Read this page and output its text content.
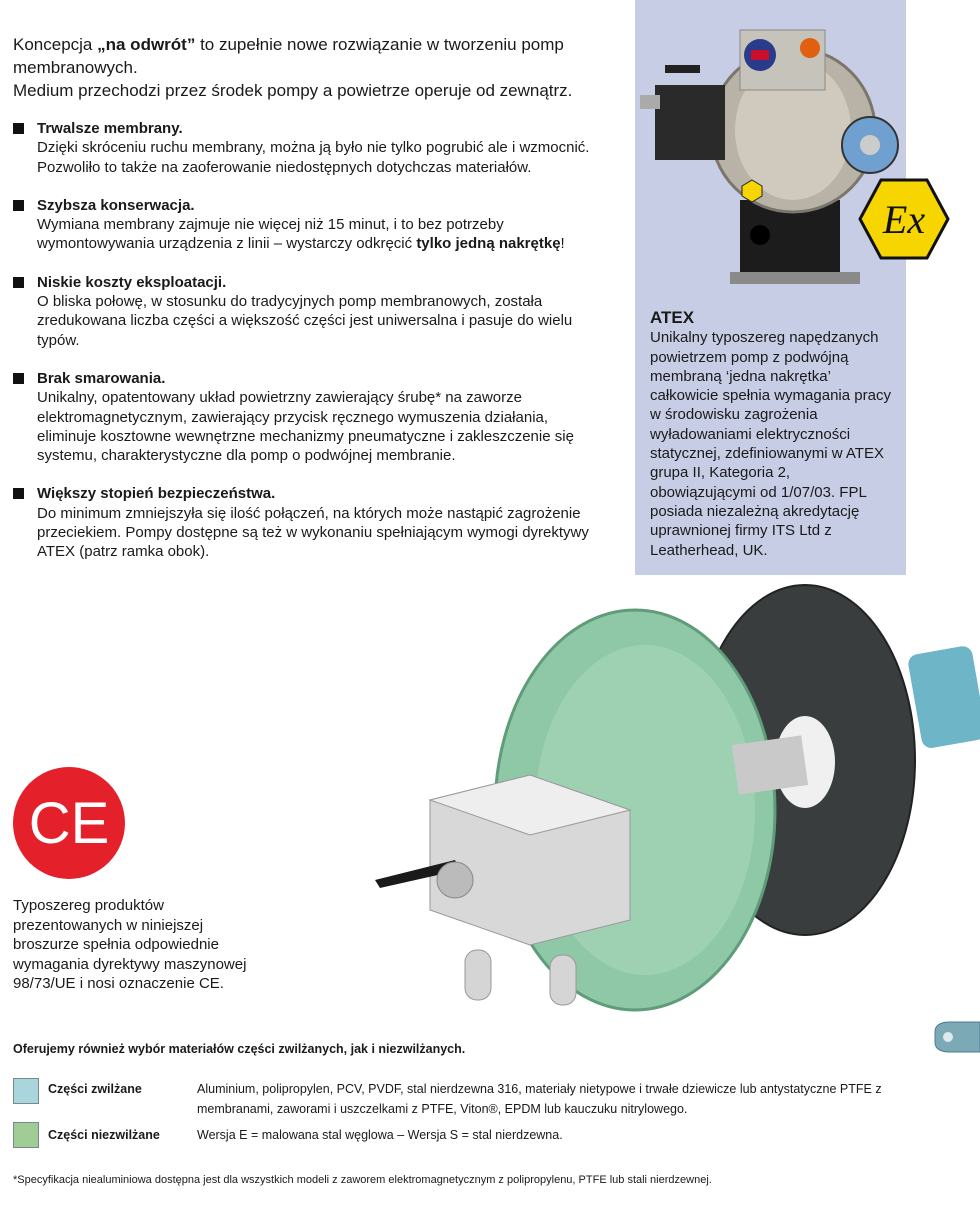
Koncepcja „na odwrót” to zupełnie nowe rozwiązanie w tworzeniu pomp membranowych.

Medium przechodzi przez środek pompy a powietrze operuje od zewnątrz.

Trwalsze membrany.
Dzięki skróceniu ruchu membrany, można ją było nie tylko pogrubić ale i wzmocnić. Pozwoliło to także na zaoferowanie niedostępnych dotychczas materiałów.
Szybsza konserwacja.
Wymiana membrany zajmuje nie więcej niż 15 minut, i to bez potrzeby wymontowywania urządzenia z linii – wystarczy odkręcić tylko jedną nakrętkę!
Niskie koszty eksploatacji.
O bliska połowę, w stosunku do tradycyjnych pomp membranowych, została zredukowana liczba części a większość części jest uniwersalna i pasuje do wielu typów.
Brak smarowania.
Unikalny, opatentowany układ powietrzny zawierający śrubę* na zaworze elektromagnetycznym, zawierający przycisk ręcznego wymuszenia działania, eliminuje kosztowne wewnętrzne mechanizmy pneumatyczne i zakleszczenie się systemu, charakterystyczne dla pomp o podwójnej membranie.
Większy stopień bezpieczeństwa.
Do minimum zmniejszyła się ilość połączeń, na których może nastąpić zagrożenie przeciekiem. Pompy dostępne są też w wykonaniu spełniającym wymogi dyrektywy ATEX (patrz ramka obok).
Ex
ATEX
Unikalny typoszereg napędzanych powietrzem pomp z podwójną membraną ‘jedna nakrętka’ całkowicie spełnia wymagania pracy w środowisku zagrożenia wyładowaniami elektryczności statycznej, zdefiniowanymi w ATEX grupa II, Kategoria 2, obowiązującymi od 1/07/03. FPL posiada niezależną akredytację uprawnionej firmy ITS Ltd z Leatherhead, UK.
CE
Typoszereg produktów prezentowanych w niniejszej broszurze spełnia odpowiednie wymagania dyrektywy maszynowej 98/73/UE i nosi oznaczenie CE.
Oferujemy również wybór materiałów części zwilżanych, jak i niezwilżanych.
Części zwilżane	Aluminium, polipropylen, PCV, PVDF, stal nierdzewna 316, materiały nietypowe i trwałe dziewicze lub antystatyczne PTFE z membranami, zaworami i uszczelkami z PTFE, Viton®, EPDM lub kauczuku nitrylowego.
Części niezwilżane	Wersja E = malowana stal węglowa – Wersja S = stal nierdzewna.
*Specyfikacja niealuminiowa dostępna jest dla wszystkich modeli z zaworem elektromagnetycznym z polipropylenu, PTFE lub stali nierdzewnej.
